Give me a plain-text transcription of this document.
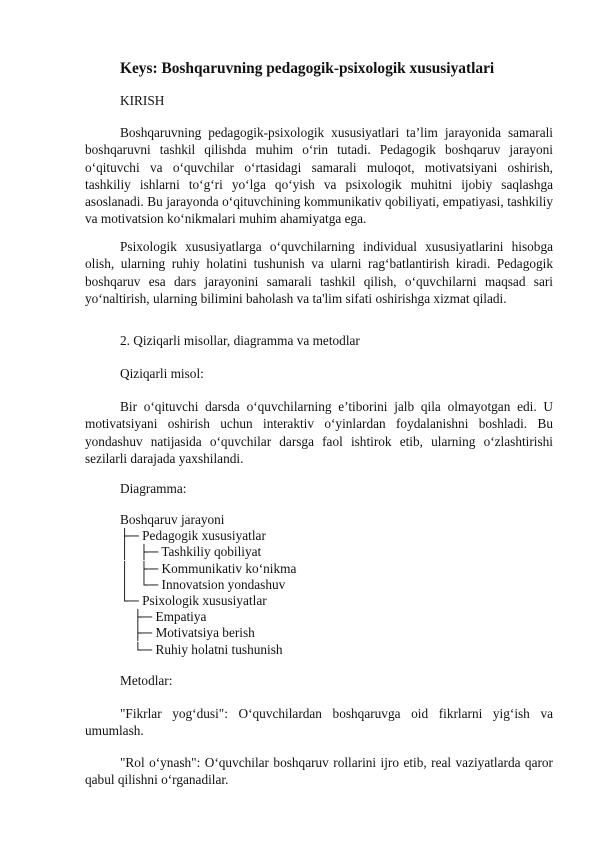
Keys: Boshqaruvning pedagogik-psixologik xususiyatlari
KIRISH

Boshqaruvning pedagogik-psixologik xususiyatlari ta’lim jarayonida samarali boshqaruvni tashkil qilishda muhim o‘rin tutadi. Pedagogik boshqaruv jarayoni o‘qituvchi va o‘quvchilar o‘rtasidagi samarali muloqot, motivatsiyani oshirish, tashkiliy ishlarni to‘g‘ri yo‘lga qo‘yish va psixologik muhitni ijobiy saqlashga asoslanadi. Bu jarayonda o‘qituvchining kommunikativ qobiliyati, empatiyasi, tashkiliy va motivatsion ko‘nikmalari muhim ahamiyatga ega.

Psixologik xususiyatlarga o‘quvchilarning individual xususiyatlarini hisobga olish, ularning ruhiy holatini tushunish va ularni rag‘batlantirish kiradi. Pedagogik boshqaruv esa dars jarayonini samarali tashkil qilish, o‘quvchilarni maqsad sari yo‘naltirish, ularning bilimini baholash va ta'lim sifati oshirishga xizmat qiladi.

2. Qiziqarli misollar, diagramma va metodlar
Qiziqarli misol:

Bir o‘qituvchi darsda o‘quvchilarning e’tiborini jalb qila olmayotgan edi. U motivatsiyani oshirish uchun interaktiv o‘yinlardan foydalanishni boshladi. Bu yondashuv natijasida o‘quvchilar darsga faol ishtirok etib, ularning o‘zlashtirishi sezilarli darajada yaxshilandi.

Diagramma:
Boshqaruv jarayoni
├─ Pedagogik xususiyatlar
│   ├─ Tashkiliy qobiliyat
│   ├─ Kommunikativ ko‘nikma
│   └─ Innovatsion yondashuv
└─ Psixologik xususiyatlar
├─ Empatiya
├─ Motivatsiya berish
└─ Ruhiy holatni tushunish
Metodlar:

"Fikrlar yog‘dusi": O‘quvchilardan boshqaruvga oid fikrlarni yig‘ish va umumlash.

"Rol o‘ynash": O‘quvchilar boshqaruv rollarini ijro etib, real vaziyatlarda qaror qabul qilishni o‘rganadilar.
